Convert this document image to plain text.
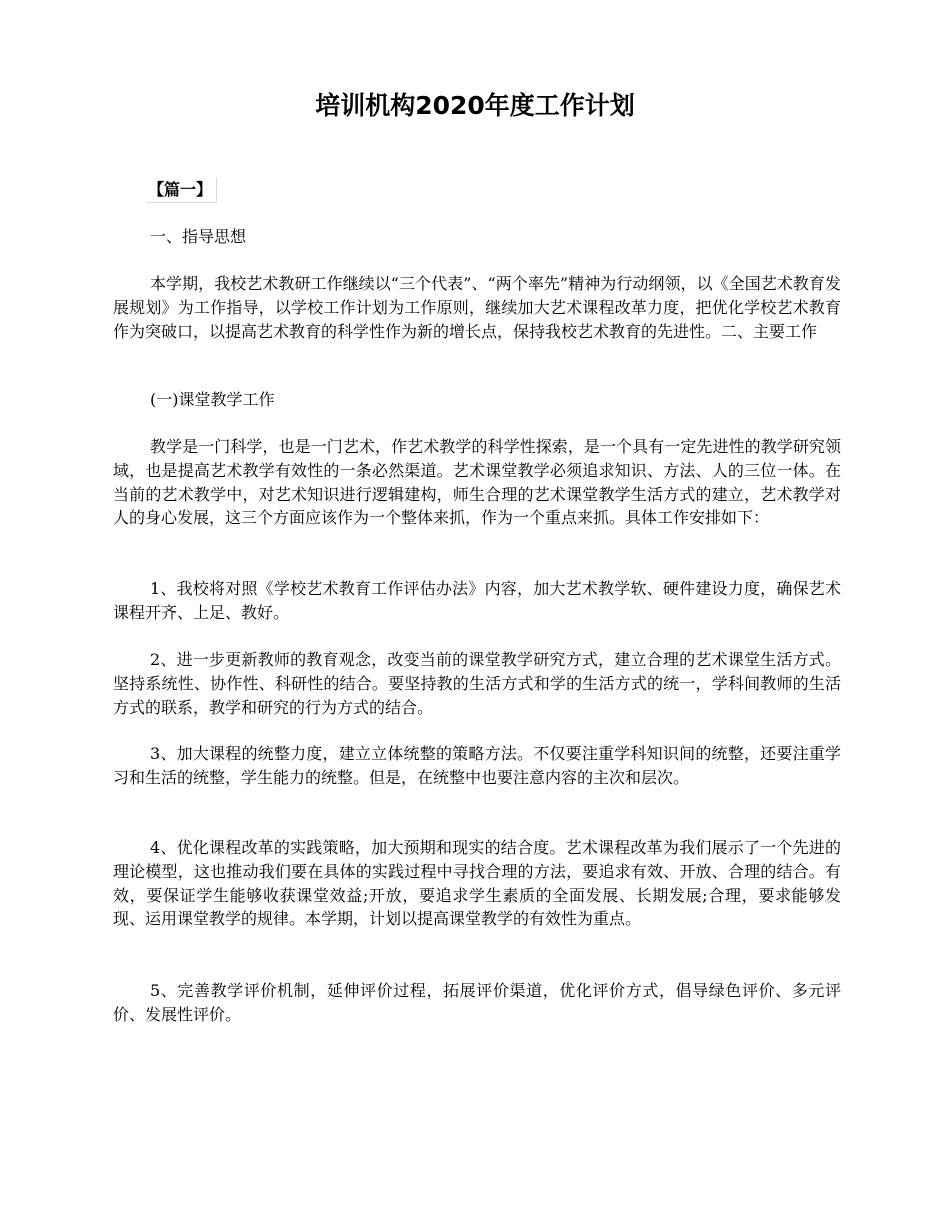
培训机构2020年度工作计划
【篇一】

一、指导思想

本学期，我校艺术教研工作继续以“三个代表”、“两个率先”精神为行动纲领，以《全国艺术教育发展规划》为工作指导，以学校工作计划为工作原则，继续加大艺术课程改革力度，把优化学校艺术教育作为突破口，以提高艺术教育的科学性作为新的增长点，保持我校艺术教育的先进性。二、主要工作

(一)课堂教学工作

教学是一门科学，也是一门艺术，作艺术教学的科学性探索，是一个具有一定先进性的教学研究领域，也是提高艺术教学有效性的一条必然渠道。艺术课堂教学必须追求知识、方法、人的三位一体。在当前的艺术教学中，对艺术知识进行逻辑建构，师生合理的艺术课堂教学生活方式的建立，艺术教学对人的身心发展，这三个方面应该作为一个整体来抓，作为一个重点来抓。具体工作安排如下：

1、我校将对照《学校艺术教育工作评估办法》内容，加大艺术教学软、硬件建设力度，确保艺术课程开齐、上足、教好。

2、进一步更新教师的教育观念，改变当前的课堂教学研究方式，建立合理的艺术课堂生活方式。坚持系统性、协作性、科研性的结合。要坚持教的生活方式和学的生活方式的统一，学科间教师的生活方式的联系，教学和研究的行为方式的结合。

3、加大课程的统整力度，建立立体统整的策略方法。不仅要注重学科知识间的统整，还要注重学习和生活的统整，学生能力的统整。但是，在统整中也要注意内容的主次和层次。

4、优化课程改革的实践策略，加大预期和现实的结合度。艺术课程改革为我们展示了一个先进的理论模型，这也推动我们要在具体的实践过程中寻找合理的方法，要追求有效、开放、合理的结合。有效，要保证学生能够收获课堂效益;开放，要追求学生素质的全面发展、长期发展;合理，要求能够发现、运用课堂教学的规律。本学期，计划以提高课堂教学的有效性为重点。

5、完善教学评价机制，延伸评价过程，拓展评价渠道，优化评价方式，倡导绿色评价、多元评价、发展性评价。
